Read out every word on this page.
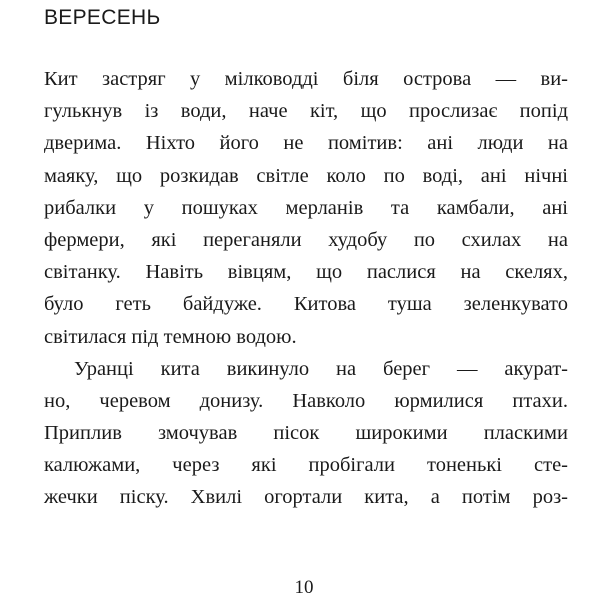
ВЕРЕСЕНЬ
Кит застряг у мілководді біля острова — ви-
гулькнув із води, наче кіт, що прослизає попід
дверима. Ніхто його не помітив: ані люди на
маяку, що розкидав світле коло по воді, ані нічні
рибалки у пошуках мерланів та камбали, ані
фермери, які переганяли худобу по схилах на
світанку. Навіть вівцям, що паслися на скелях,
було геть байдуже. Китова туша зеленкувато
світилася під темною водою.
Уранці кита викинуло на берег — акурат-
но, черевом донизу. Навколо юрмилися птахи.
Приплив змочував пісок широкими пласкими
калюжами, через які пробігали тоненькі сте-
жечки піску. Хвилі огортали кита, а потім роз-
10
